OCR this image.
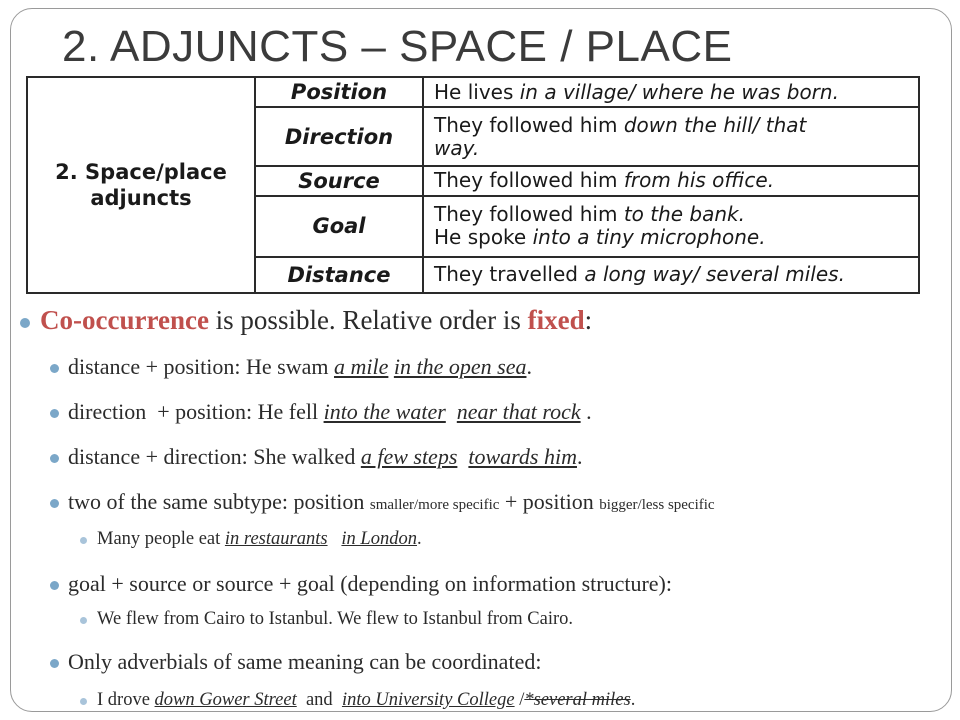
2. ADJUNCTS – SPACE / PLACE
2. Space/place adjuncts	Position	He lives in a village/ where he was born.
	Direction	They followed him down the hill/ that
way.
	Source	They followed him from his office.
	Goal	They followed him to the bank.
He spoke into a tiny microphone.
	Distance	They travelled a long way/ several miles.
Co-occurrence is possible. Relative order is fixed:
distance + position: He swam a mile in the open sea.
direction  + position: He fell into the water near that rock .
distance + direction: She walked a few steps towards him.
two of the same subtype: position smaller/more specific + position bigger/less specific
Many people eat in restaurants in London.
goal + source or source + goal (depending on information structure):
We flew from Cairo to Istanbul. We flew to Istanbul from Cairo.
Only adverbials of same meaning can be coordinated:
I drove down Gower Street  and  into University College /*several miles.
